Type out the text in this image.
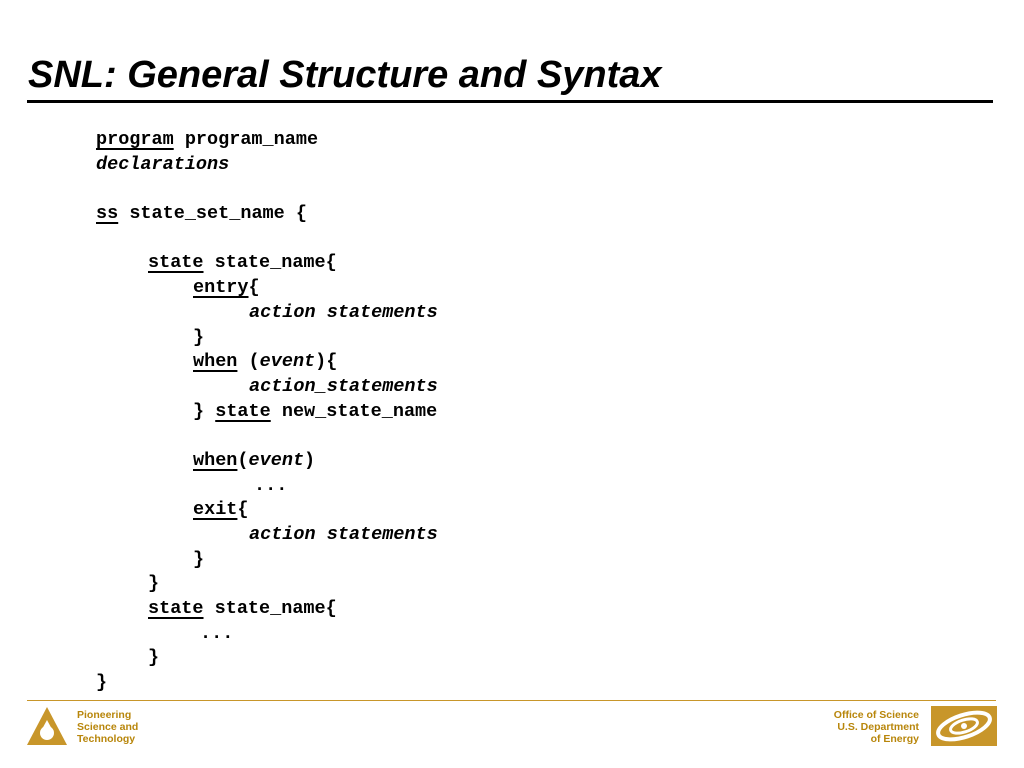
SNL: General Structure and Syntax
program program_name
declarations
ss state_set_name {
state state_name{
entry{
action statements
}
when (event){
action_statements
} state new_state_name
when(event)
...
exit{
action statements
}
}
state state_name{
...
}
}
Pioneering
Science and
Technology
Office of Science
U.S. Department
of Energy
